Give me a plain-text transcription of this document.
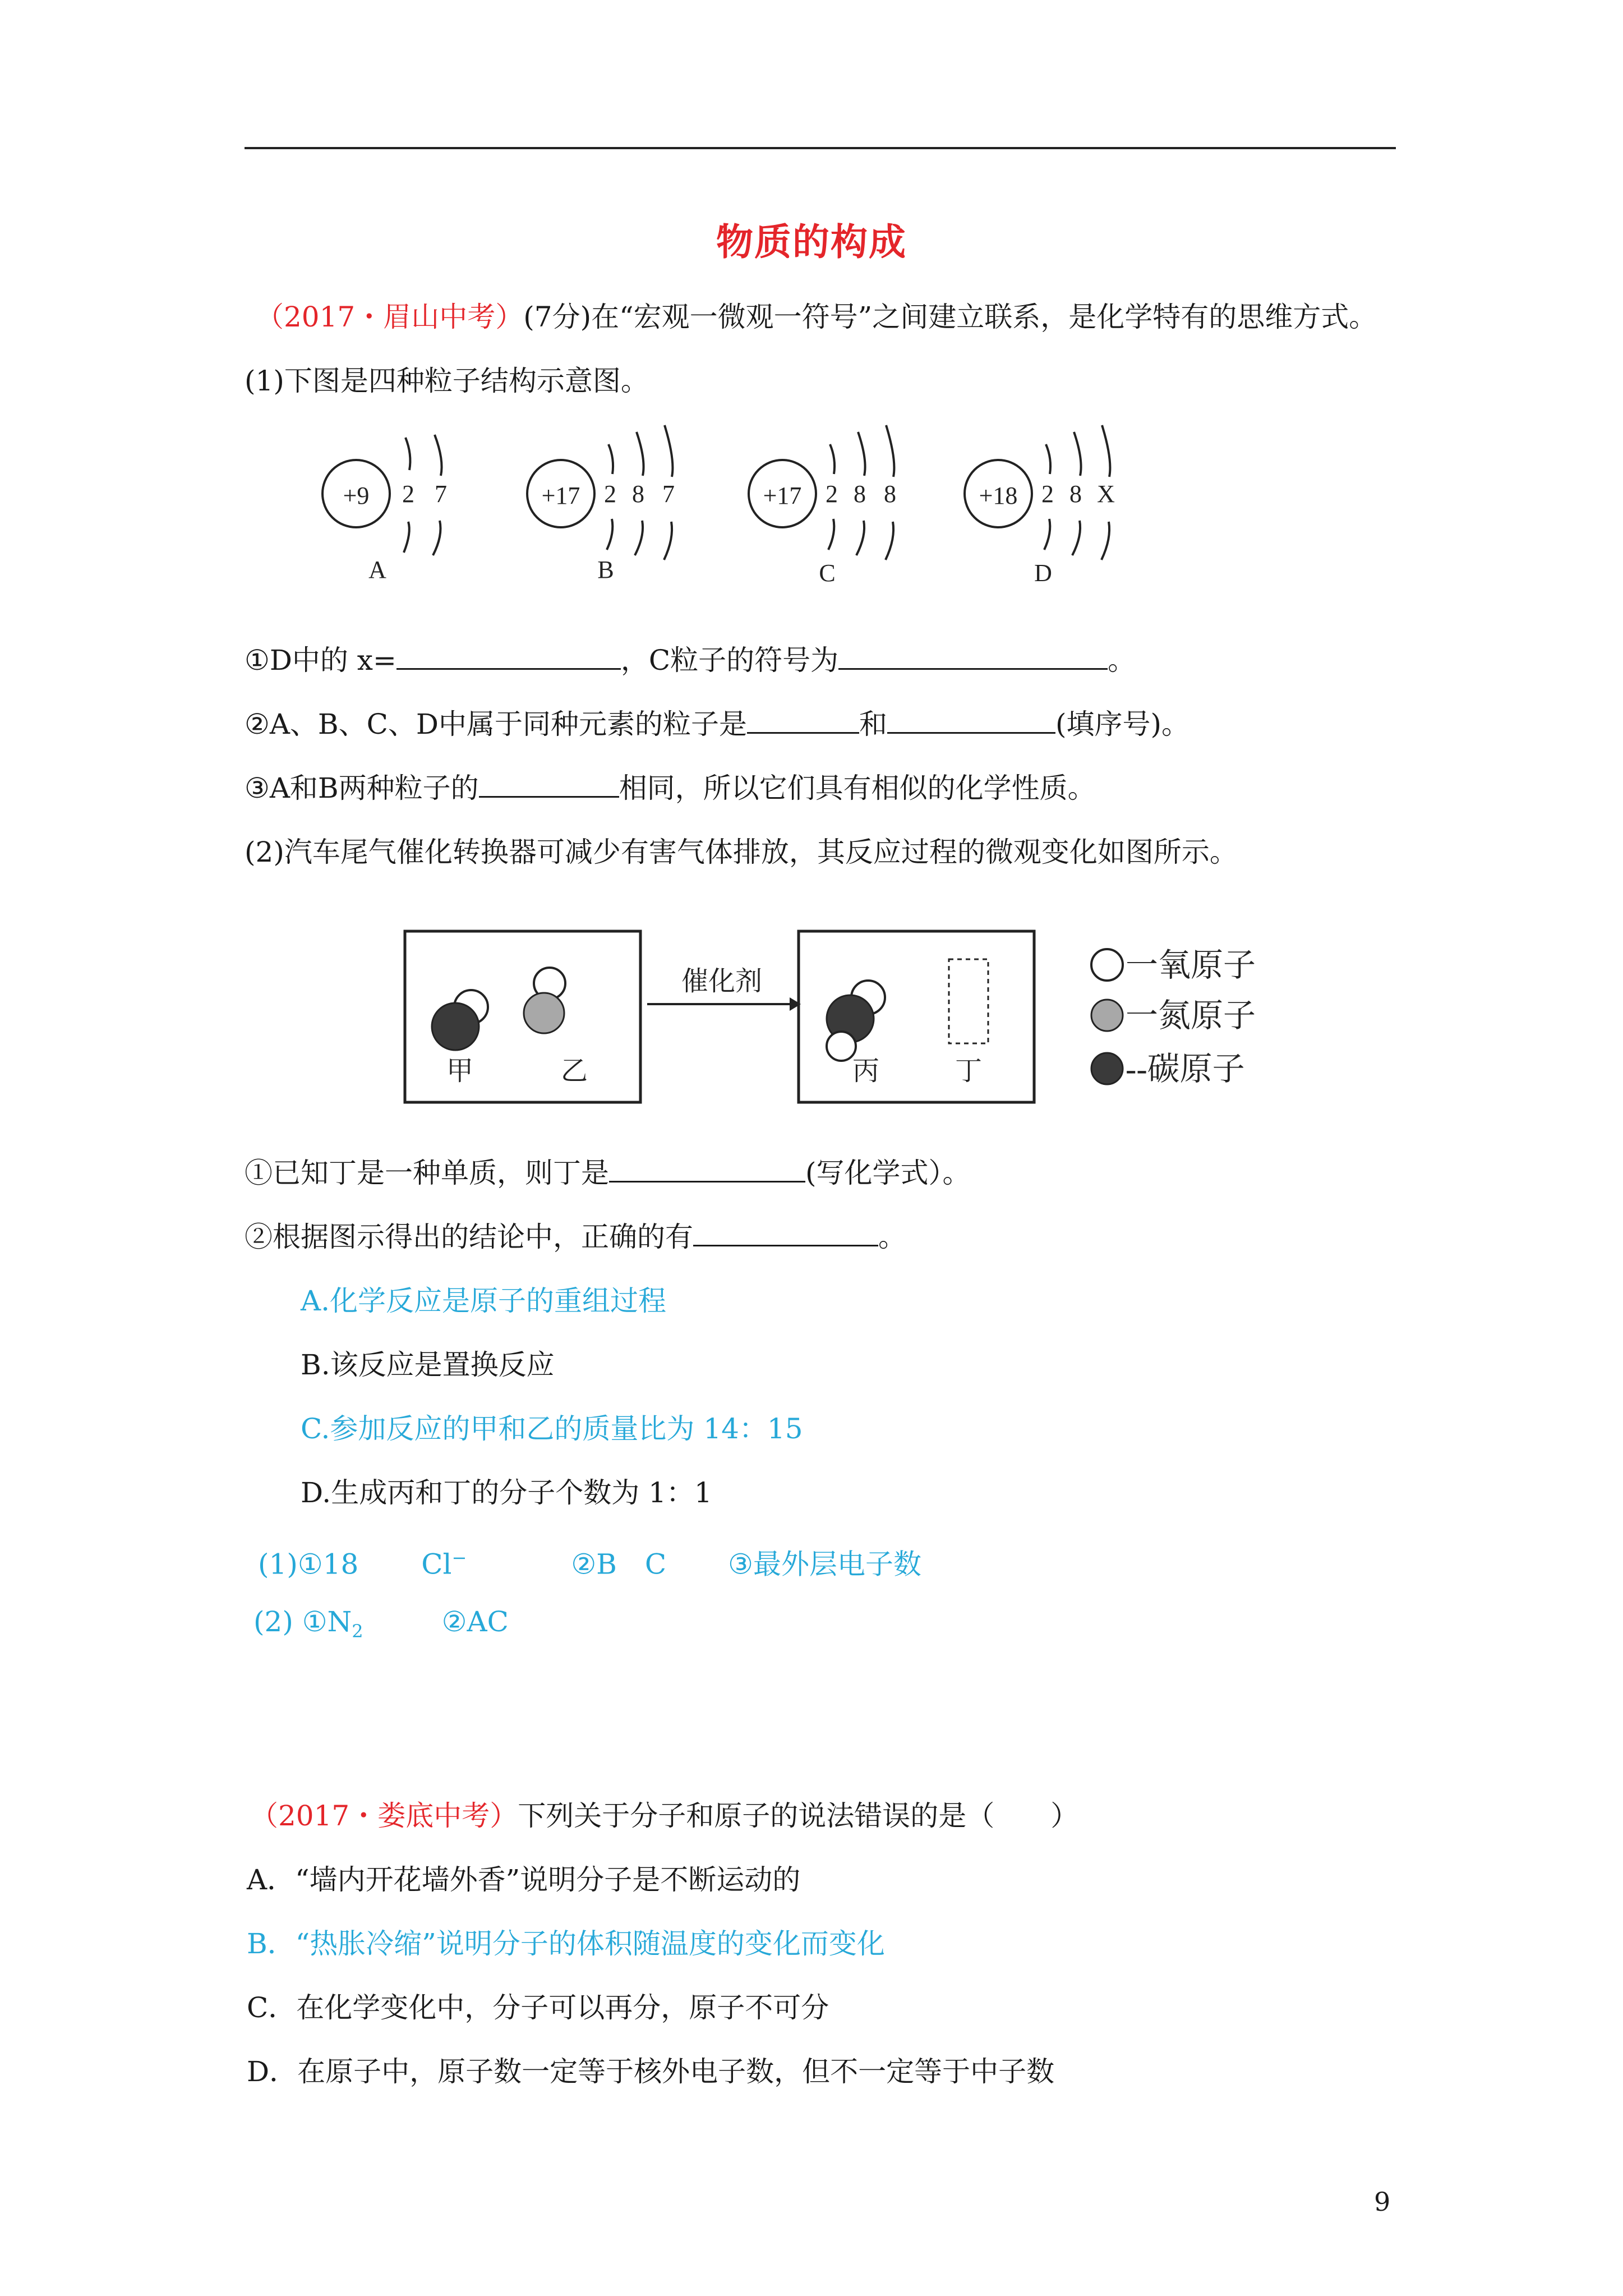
物质的构成
（2017・眉山中考）(7分)在“宏观一微观一符号”之间建立联系，是化学特有的思维方式。
(1)下图是四种粒子结构示意图。
+9 2 7
A
+17 2 8 7
B
+17 2 8 8
C
+18 2 8 X
D
①D中的 x=	，C粒子的符号为	。
②A、B、C、D中属于同种元素的粒子是	和	(填序号)。
③A和B两种粒子的	相同，所以它们具有相似的化学性质。
(2)汽车尾气催化转换器可减少有害气体排放，其反应过程的微观变化如图所示。
甲	乙
催化剂
丙	丁
一氧原子
一氮原子
--碳原子
①已知丁是一种单质，则丁是	(写化学式）。
②根据图示得出的结论中，正确的有	。
A.化学反应是原子的重组过程
B.该反应是置换反应
C.参加反应的甲和乙的质量比为 14：15
D.生成丙和丁的分子个数为 1：1
(1)①18 Cl−	②B　C ③最外层电子数
(2) $①N_2$	②AC
（2017・娄底中考）下列关于分子和原子的说法错误的是（　　）
A．“墙内开花墙外香”说明分子是不断运动的
B．“热胀冷缩”说明分子的体积随温度的变化而变化
C．在化学变化中，分子可以再分，原子不可分
D．在原子中，原子数一定等于核外电子数，但不一定等于中子数
9
